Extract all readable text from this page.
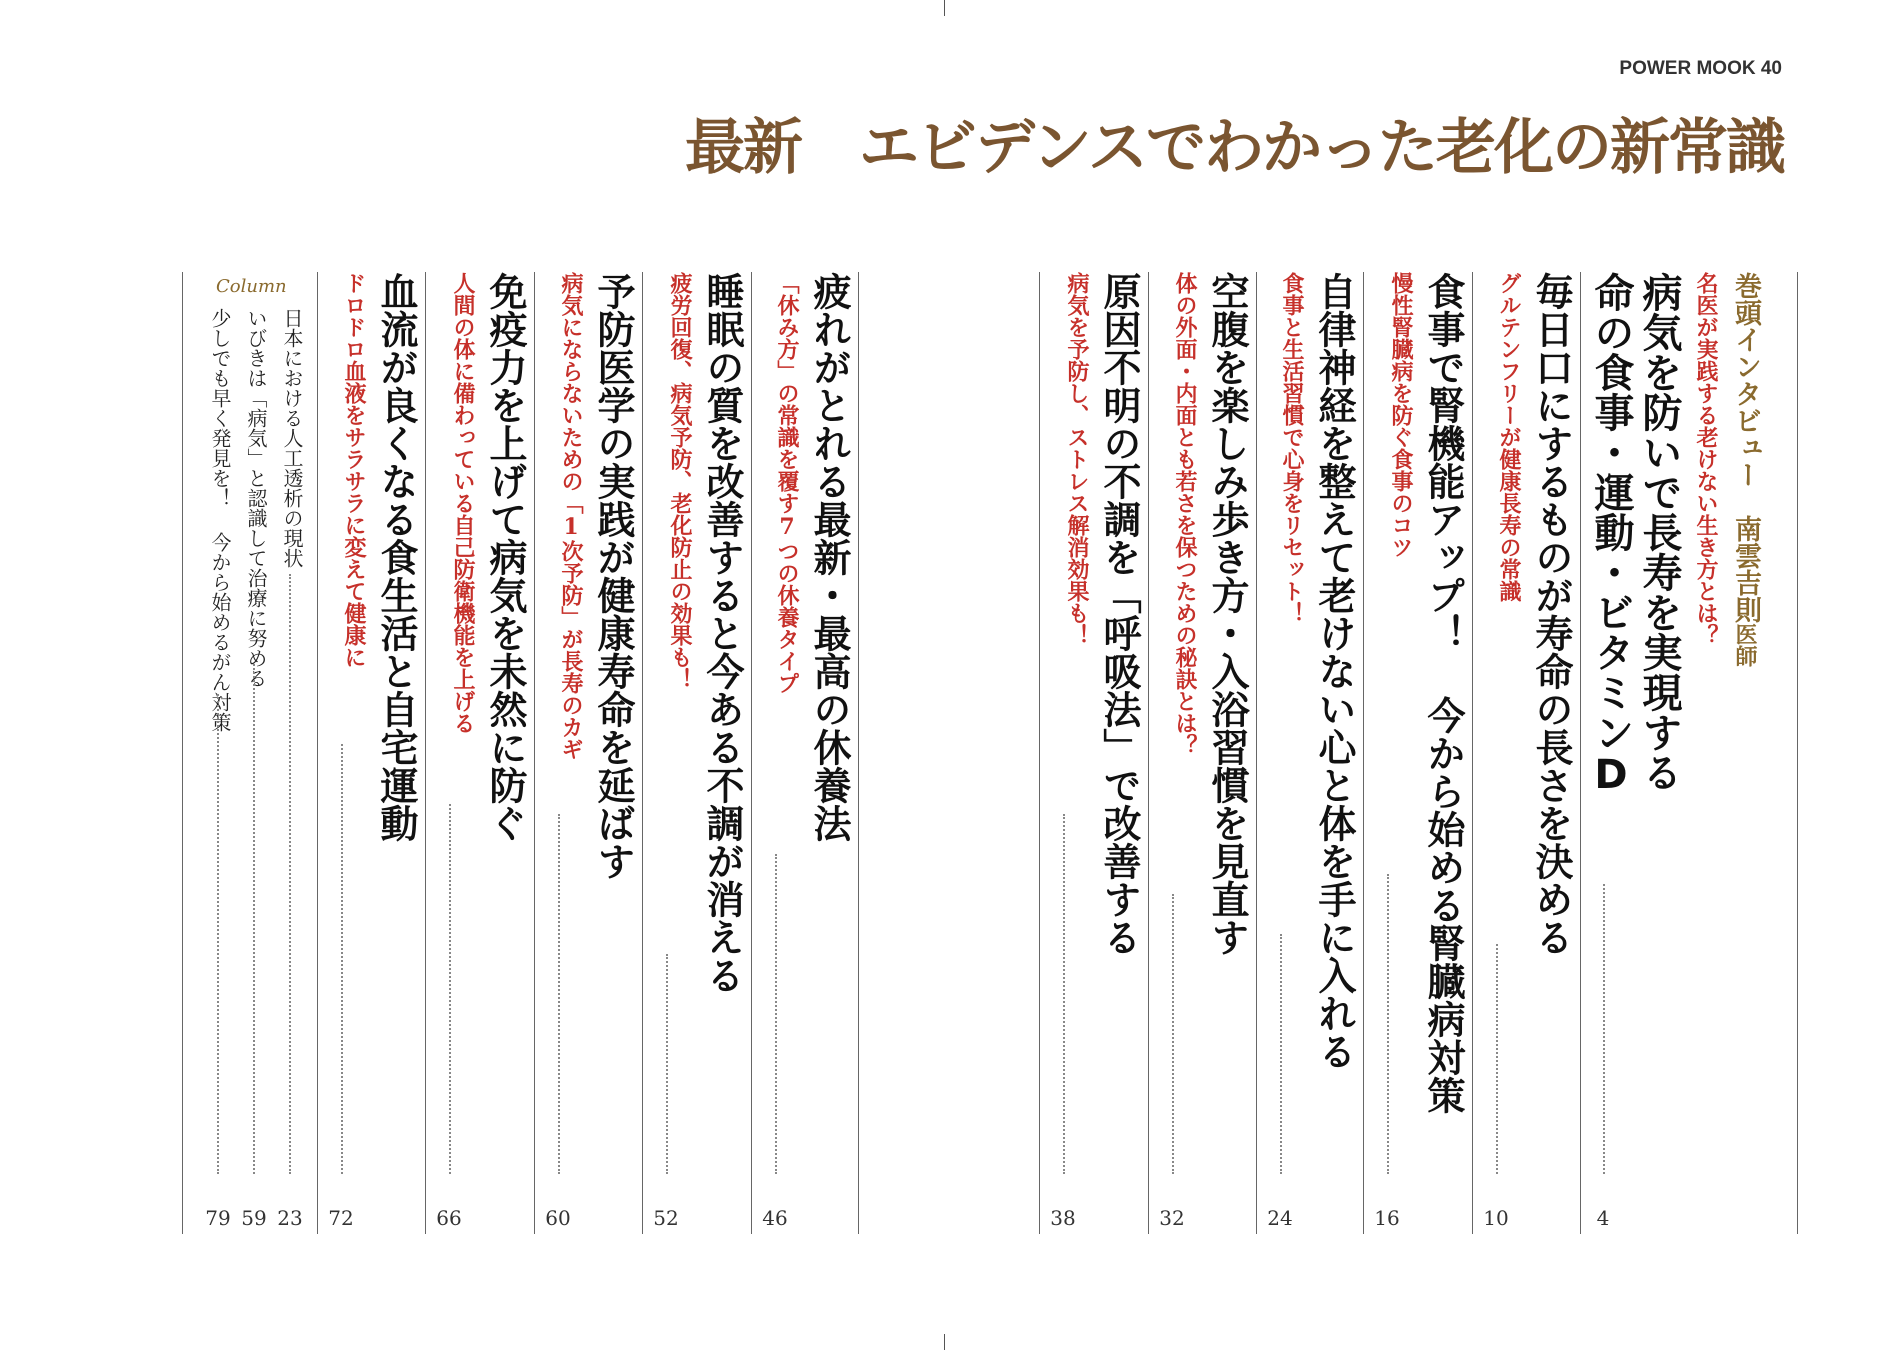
POWER MOOK 40
最新　エビデンスでわかった老化の新常識
巻頭インタビュー　南雲吉則医師
名医が実践する老けない生き方とは？
病気を防いで長寿を実現する
命の食事・運動・ビタミンD
4
グルテンフリーが健康長寿の常識 毎日口にするものが寿命の長さを決める
10
慢性腎臓病を防ぐ食事のコツ 食事で腎機能アップ！ 今から始める腎臓病対策
16
食事と生活習慣で心身をリセット！ 自律神経を整えて老けない心と体を手に入れる
24
体の外面・内面とも若さを保つための秘訣とは？ 空腹を楽しみ歩き方・入浴習慣を見直す
32
病気を予防し、ストレス解消効果も！ 原因不明の不調を「呼吸法」で改善する
38
「休み方」の常識を覆す7つの休養タイプ 疲れがとれる最新・最高の休養法
46
疲労回復、病気予防、老化防止の効果も！ 睡眠の質を改善すると今ある不調が消える
52
病気にならないための「1次予防」が長寿のカギ 予防医学の実践が健康寿命を延ばす
60
人間の体に備わっている自己防衛機能を上げる 免疫力を上げて病気を未然に防ぐ
66
ドロドロ血液をサラサラに変えて健康に 血流が良くなる食生活と自宅運動
72
Column
日本における人工透析の現状
23
いびきは「病気」と認識して治療に努める
59
少しでも早く発見を！ 今から始めるがん対策
79
